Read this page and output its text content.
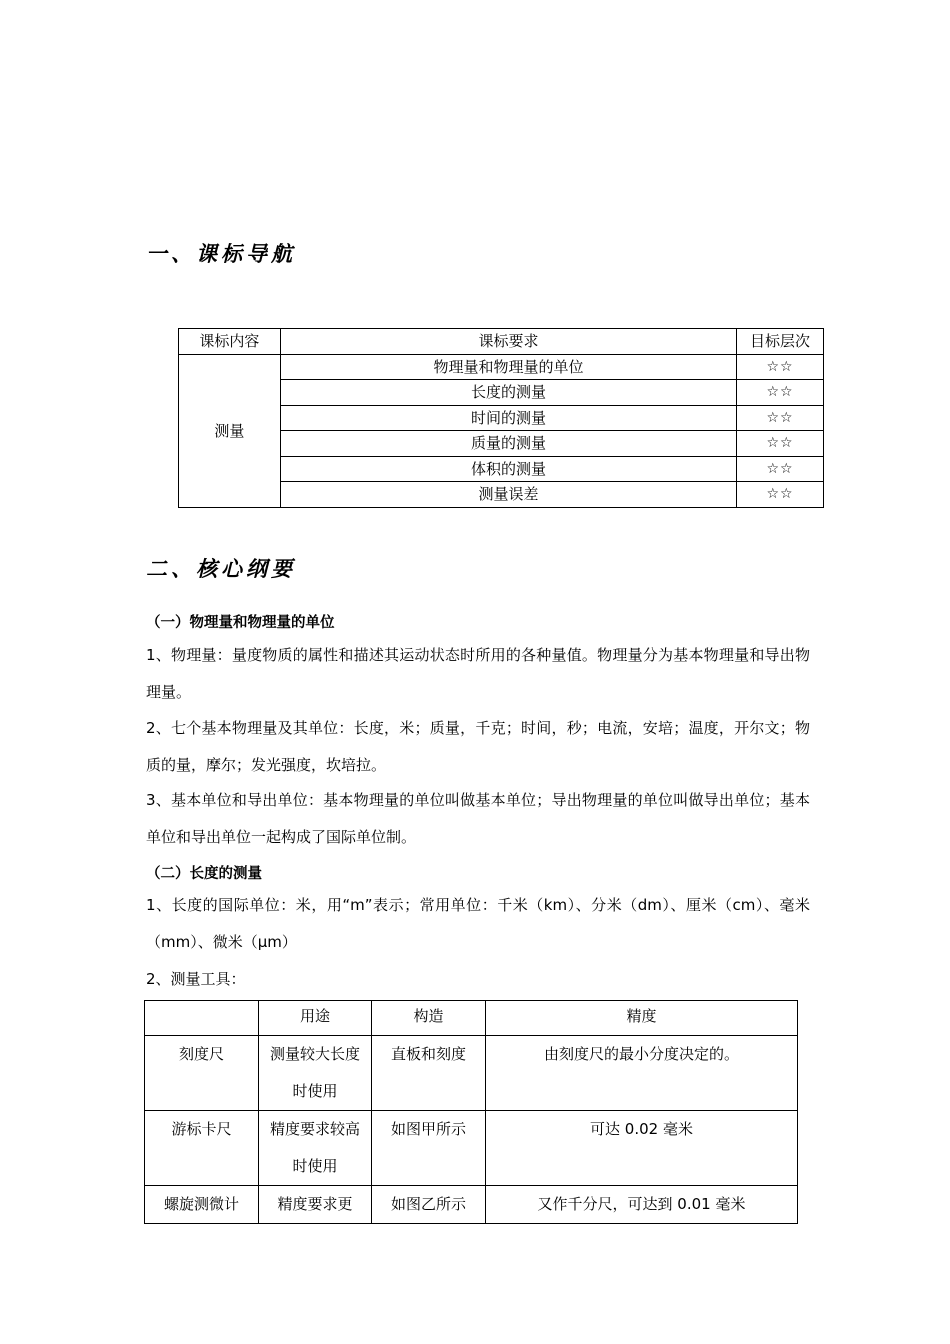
一、课标导航
课标内容	课标要求	目标层次
测量	物理量和物理量的单位	☆☆
	长度的测量	☆☆
	时间的测量	☆☆
	质量的测量	☆☆
	体积的测量	☆☆
	测量误差	☆☆
二、核心纲要
（一）物理量和物理量的单位
1、物理量：量度物质的属性和描述其运动状态时所用的各种量值。物理量分为基本物理量和导出物理量。
2、七个基本物理量及其单位：长度，米；质量，千克；时间，秒；电流，安培；温度，开尔文；物质的量，摩尔；发光强度，坎培拉。
3、基本单位和导出单位：基本物理量的单位叫做基本单位；导出物理量的单位叫做导出单位；基本单位和导出单位一起构成了国际单位制。
（二）长度的测量
1、长度的国际单位：米，用“m”表示；常用单位：千米（km）、分米（dm）、厘米（cm）、毫米（mm）、微米（μm）
2、测量工具：
	用途	构造	精度
刻度尺	测量较大长度时使用	直板和刻度	由刻度尺的最小分度决定的。
游标卡尺	精度要求较高时使用	如图甲所示	可达 0.02 毫米
螺旋测微计	精度要求更	如图乙所示	又作千分尺，可达到 0.01 毫米
